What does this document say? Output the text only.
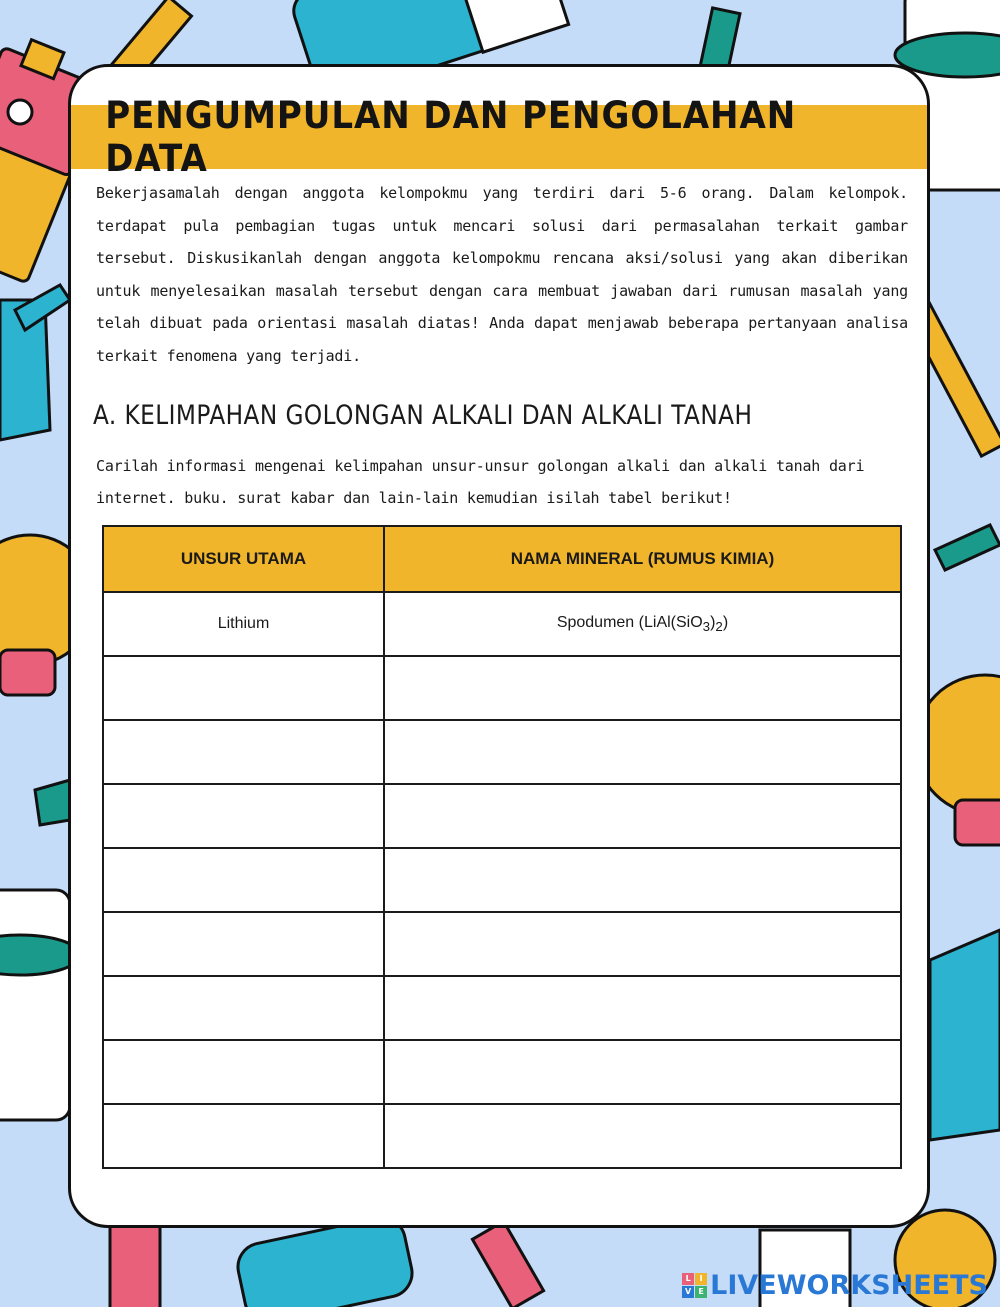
PENGUMPULAN DAN PENGOLAHAN DATA

Bekerjasamalah dengan anggota kelompokmu yang terdiri dari 5-6 orang. Dalam kelompok. terdapat pula pembagian tugas untuk mencari solusi dari permasalahan terkait gambar tersebut. Diskusikanlah dengan anggota kelompokmu rencana aksi/solusi yang akan diberikan untuk menyelesaikan masalah tersebut dengan cara membuat jawaban dari rumusan masalah yang telah dibuat pada orientasi masalah diatas! Anda dapat menjawab beberapa pertanyaan analisa terkait fenomena yang terjadi.

A. KELIMPAHAN GOLONGAN ALKALI DAN ALKALI TANAH

Carilah informasi mengenai kelimpahan unsur-unsur golongan alkali dan alkali tanah dari internet. buku. surat kabar dan lain-lain kemudian isilah tabel berikut!

UNSUR UTAMA	NAMA MINERAL (RUMUS KIMIA)
Lithium	Spodumen $(LiAl(SiO_3)_2)$

L	I
V E LIVEWORKSHEETS
